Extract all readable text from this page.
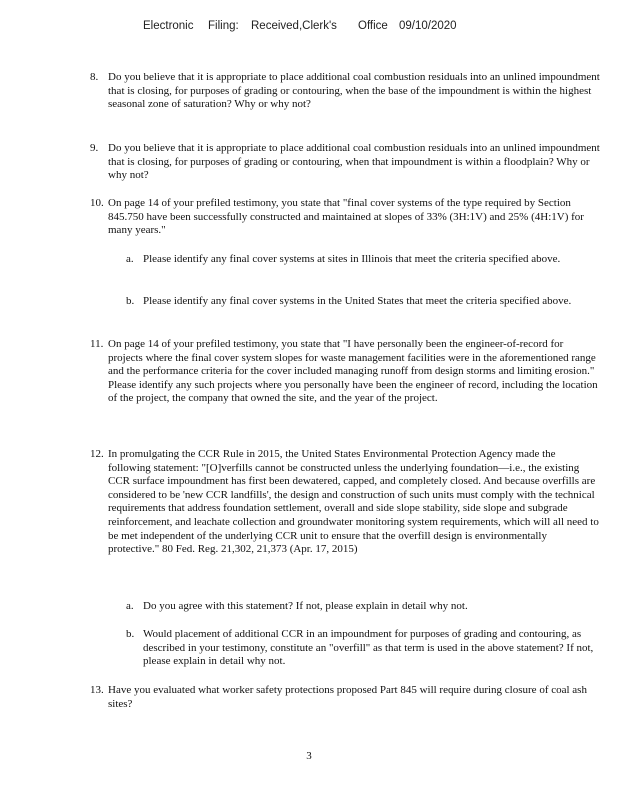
Electronic Filing: Received,Clerk's Office 09/10/2020
8. Do you believe that it is appropriate to place additional coal combustion residuals into an unlined impoundment that is closing, for purposes of grading or contouring, when the base of the impoundment is within the highest seasonal zone of saturation? Why or why not?
9. Do you believe that it is appropriate to place additional coal combustion residuals into an unlined impoundment that is closing, for purposes of grading or contouring, when that impoundment is within a floodplain? Why or why not?
10. On page 14 of your prefiled testimony, you state that "final cover systems of the type required by Section 845.750 have been successfully constructed and maintained at slopes of 33% (3H:1V) and 25% (4H:1V) for many years."
a. Please identify any final cover systems at sites in Illinois that meet the criteria specified above.
b. Please identify any final cover systems in the United States that meet the criteria specified above.
11. On page 14 of your prefiled testimony, you state that "I have personally been the engineer-of-record for projects where the final cover system slopes for waste management facilities were in the aforementioned range and the performance criteria for the cover included managing runoff from design storms and limiting erosion." Please identify any such projects where you personally have been the engineer of record, including the location of the project, the company that owned the site, and the year of the project.
12. In promulgating the CCR Rule in 2015, the United States Environmental Protection Agency made the following statement: "[O]verfills cannot be constructed unless the underlying foundation—i.e., the existing CCR surface impoundment has first been dewatered, capped, and completely closed. And because overfills are considered to be 'new CCR landfills', the design and construction of such units must comply with the technical requirements that address foundation settlement, overall and side slope stability, side slope and subgrade reinforcement, and leachate collection and groundwater monitoring system requirements, which will all need to be met independent of the underlying CCR unit to ensure that the overfill design is environmentally protective." 80 Fed. Reg. 21,302, 21,373 (Apr. 17, 2015)
a. Do you agree with this statement? If not, please explain in detail why not.
b. Would placement of additional CCR in an impoundment for purposes of grading and contouring, as described in your testimony, constitute an "overfill" as that term is used in the above statement? If not, please explain in detail why not.
13. Have you evaluated what worker safety protections proposed Part 845 will require during closure of coal ash sites?
3
